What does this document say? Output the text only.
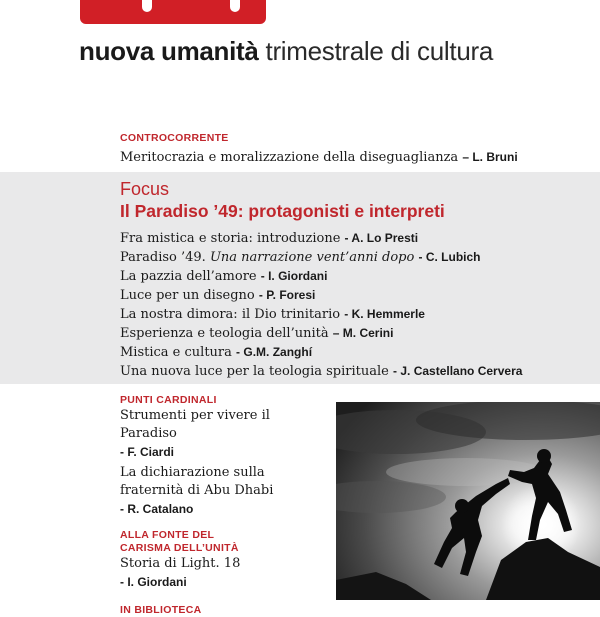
nuova umanità trimestrale di cultura
CONTROCORRENTE
Meritocrazia e moralizzazione della diseguaglianza – L. Bruni
Focus
Il Paradiso ’49: protagonisti e interpreti
Fra mistica e storia: introduzione - A. Lo Presti
Paradiso ’49. Una narrazione vent’anni dopo - C. Lubich
La pazzia dell’amore - I. Giordani
Luce per un disegno - P. Foresi
La nostra dimora: il Dio trinitario - K. Hemmerle
Esperienza e teologia dell’unità – M. Cerini
Mistica e cultura - G.M. Zanghí
Una nuova luce per la teologia spirituale - J. Castellano Cervera
PUNTI CARDINALI
Strumenti per vivere il Paradiso
- F. Ciardi
La dichiarazione sulla fraternità di Abu Dhabi
- R. Catalano
ALLA FONTE DEL
CARISMA DELL’UNITÀ
Storia di Light. 18
- I. Giordani
IN BIBLIOTECA
